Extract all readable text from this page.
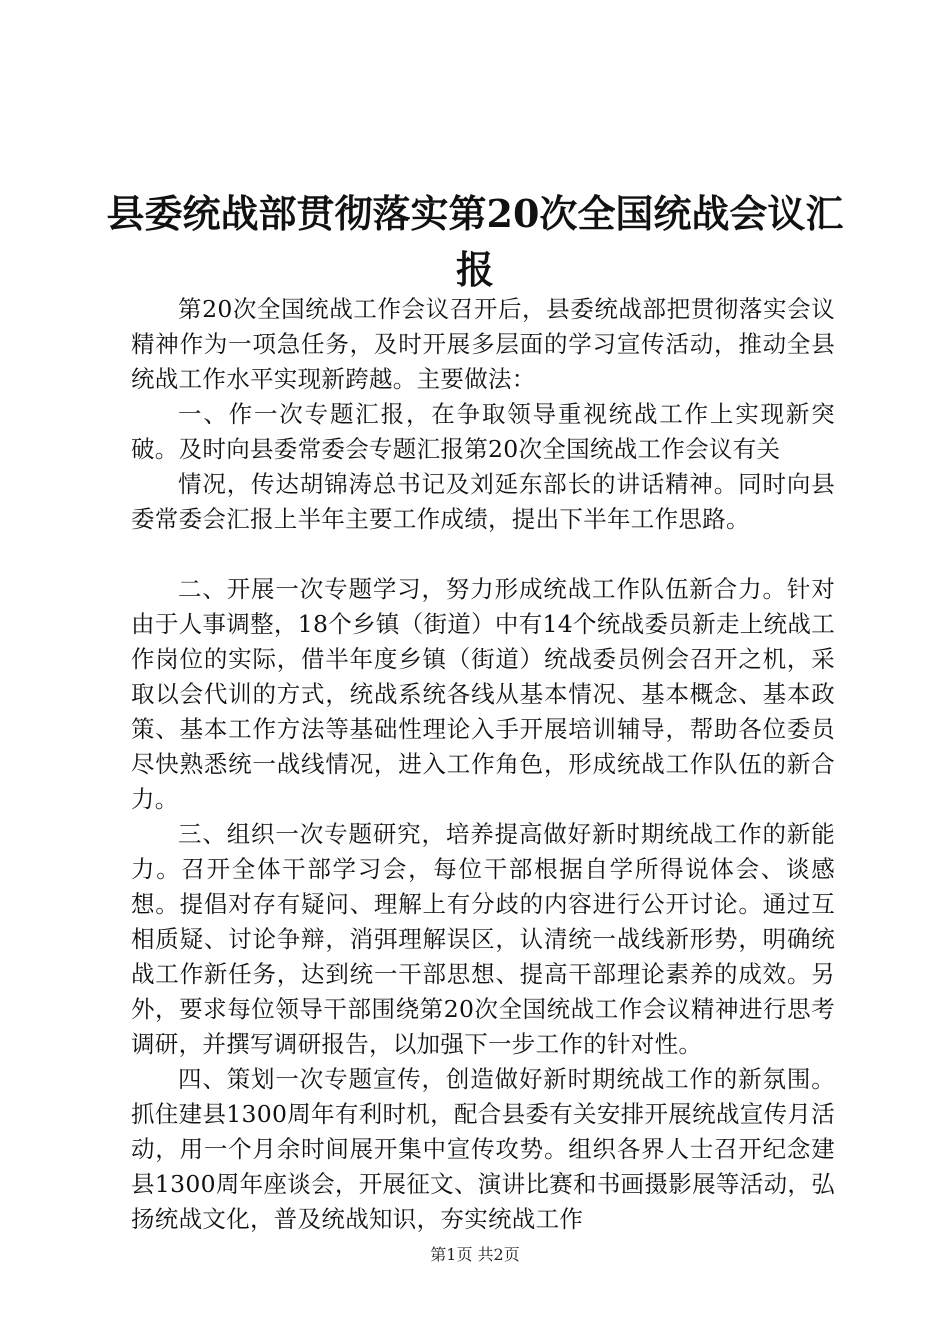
县委统战部贯彻落实第20次全国统战会议汇
报

第20次全国统战工作会议召开后，县委统战部把贯彻落实会议精神作为一项急任务，及时开展多层面的学习宣传活动，推动全县统战工作水平实现新跨越。主要做法：

一、作一次专题汇报，在争取领导重视统战工作上实现新突破。及时向县委常委会专题汇报第20次全国统战工作会议有关

情况，传达胡锦涛总书记及刘延东部长的讲话精神。同时向县委常委会汇报上半年主要工作成绩，提出下半年工作思路。

二、开展一次专题学习，努力形成统战工作队伍新合力。针对由于人事调整，18个乡镇（街道）中有14个统战委员新走上统战工作岗位的实际，借半年度乡镇（街道）统战委员例会召开之机，采取以会代训的方式，统战系统各线从基本情况、基本概念、基本政策、基本工作方法等基础性理论入手开展培训辅导，帮助各位委员尽快熟悉统一战线情况，进入工作角色，形成统战工作队伍的新合力。

三、组织一次专题研究，培养提高做好新时期统战工作的新能力。召开全体干部学习会，每位干部根据自学所得说体会、谈感想。提倡对存有疑问、理解上有分歧的内容进行公开讨论。通过互相质疑、讨论争辩，消弭理解误区，认清统一战线新形势，明确统战工作新任务，达到统一干部思想、提高干部理论素养的成效。另外，要求每位领导干部围绕第20次全国统战工作会议精神进行思考调研，并撰写调研报告，以加强下一步工作的针对性。

四、策划一次专题宣传，创造做好新时期统战工作的新氛围。抓住建县1300周年有利时机，配合县委有关安排开展统战宣传月活动，用一个月余时间展开集中宣传攻势。组织各界人士召开纪念建县1300周年座谈会，开展征文、演讲比赛和书画摄影展等活动，弘扬统战文化，普及统战知识，夯实统战工作

第1页 共2页
